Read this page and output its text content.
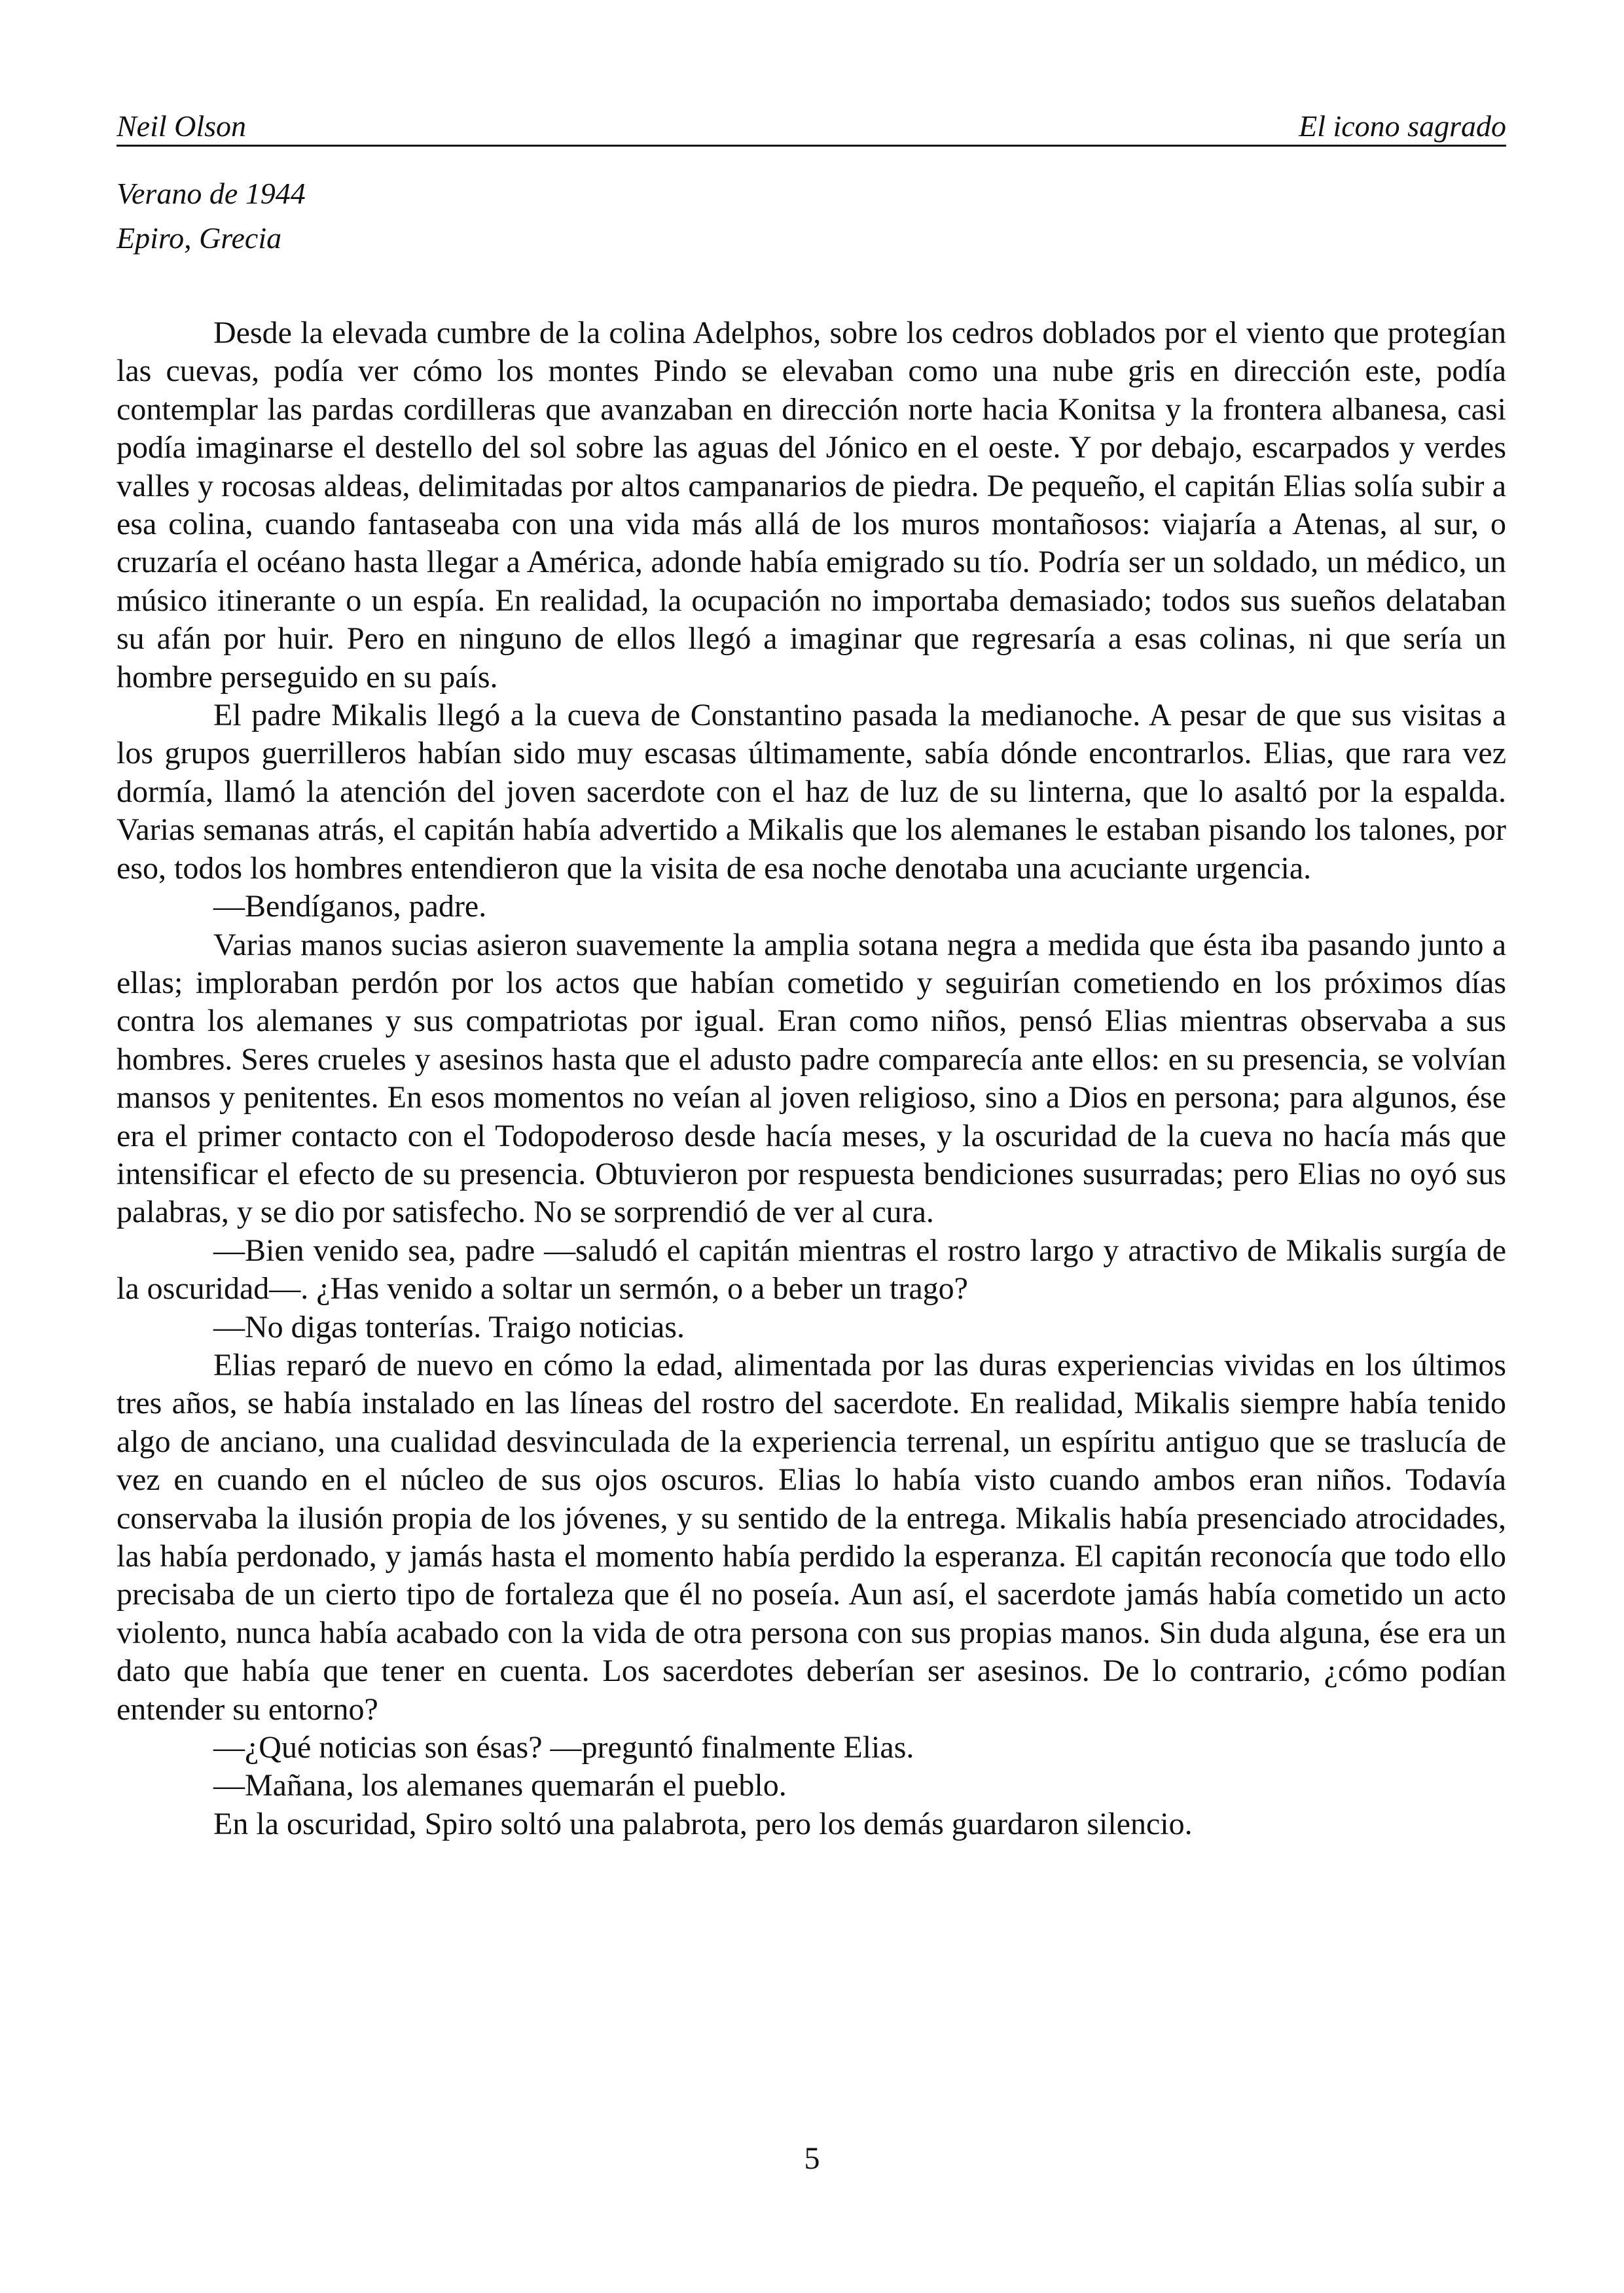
Neil Olson	El icono sagrado
Verano de 1944
Epiro, Grecia

Desde la elevada cumbre de la colina Adelphos, sobre los cedros doblados por el viento que protegían las cuevas, podía ver cómo los montes Pindo se elevaban como una nube gris en dirección este, podía contemplar las pardas cordilleras que avanzaban en dirección norte hacia Konitsa y la frontera albanesa, casi podía imaginarse el destello del sol sobre las aguas del Jónico en el oeste. Y por debajo, escarpados y verdes valles y rocosas aldeas, delimitadas por altos campanarios de piedra. De pequeño, el capitán Elias solía subir a esa colina, cuando fantaseaba con una vida más allá de los muros montañosos: viajaría a Atenas, al sur, o cruzaría el océano hasta llegar a América, adonde había emigrado su tío. Podría ser un soldado, un médico, un músico itinerante o un espía. En realidad, la ocupación no importaba demasiado; todos sus sueños delataban su afán por huir. Pero en ninguno de ellos llegó a imaginar que regresaría a esas colinas, ni que sería un hombre perseguido en su país.

El padre Mikalis llegó a la cueva de Constantino pasada la medianoche. A pesar de que sus visitas a los grupos guerrilleros habían sido muy escasas últimamente, sabía dónde encontrarlos. Elias, que rara vez dormía, llamó la atención del joven sacerdote con el haz de luz de su linterna, que lo asaltó por la espalda. Varias semanas atrás, el capitán había advertido a Mikalis que los alemanes le estaban pisando los talones, por eso, todos los hombres entendieron que la visita de esa noche denotaba una acuciante urgencia.

—Bendíganos, padre.

Varias manos sucias asieron suavemente la amplia sotana negra a medida que ésta iba pasando junto a ellas; imploraban perdón por los actos que habían cometido y seguirían cometiendo en los próximos días contra los alemanes y sus compatriotas por igual. Eran como niños, pensó Elias mientras observaba a sus hombres. Seres crueles y asesinos hasta que el adusto padre comparecía ante ellos: en su presencia, se volvían mansos y penitentes. En esos momentos no veían al joven religioso, sino a Dios en persona; para algunos, ése era el primer contacto con el Todopoderoso desde hacía meses, y la oscuridad de la cueva no hacía más que intensificar el efecto de su presencia. Obtuvieron por respuesta bendiciones susurradas; pero Elias no oyó sus palabras, y se dio por satisfecho. No se sorprendió de ver al cura.

—Bien venido sea, padre —saludó el capitán mientras el rostro largo y atractivo de Mikalis surgía de la oscuridad—. ¿Has venido a soltar un sermón, o a beber un trago?

—No digas tonterías. Traigo noticias.

Elias reparó de nuevo en cómo la edad, alimentada por las duras experiencias vividas en los últimos tres años, se había instalado en las líneas del rostro del sacerdote. En realidad, Mikalis siempre había tenido algo de anciano, una cualidad desvinculada de la experiencia terrenal, un espíritu antiguo que se traslucía de vez en cuando en el núcleo de sus ojos oscuros. Elias lo había visto cuando ambos eran niños. Todavía conservaba la ilusión propia de los jóvenes, y su sentido de la entrega. Mikalis había presenciado atrocidades, las había perdonado, y jamás hasta el momento había perdido la esperanza. El capitán reconocía que todo ello precisaba de un cierto tipo de fortaleza que él no poseía. Aun así, el sacerdote jamás había cometido un acto violento, nunca había acabado con la vida de otra persona con sus propias manos. Sin duda alguna, ése era un dato que había que tener en cuenta. Los sacerdotes deberían ser asesinos. De lo contrario, ¿cómo podían entender su entorno?

—¿Qué noticias son ésas? —preguntó finalmente Elias.

—Mañana, los alemanes quemarán el pueblo.

En la oscuridad, Spiro soltó una palabrota, pero los demás guardaron silencio.

5
